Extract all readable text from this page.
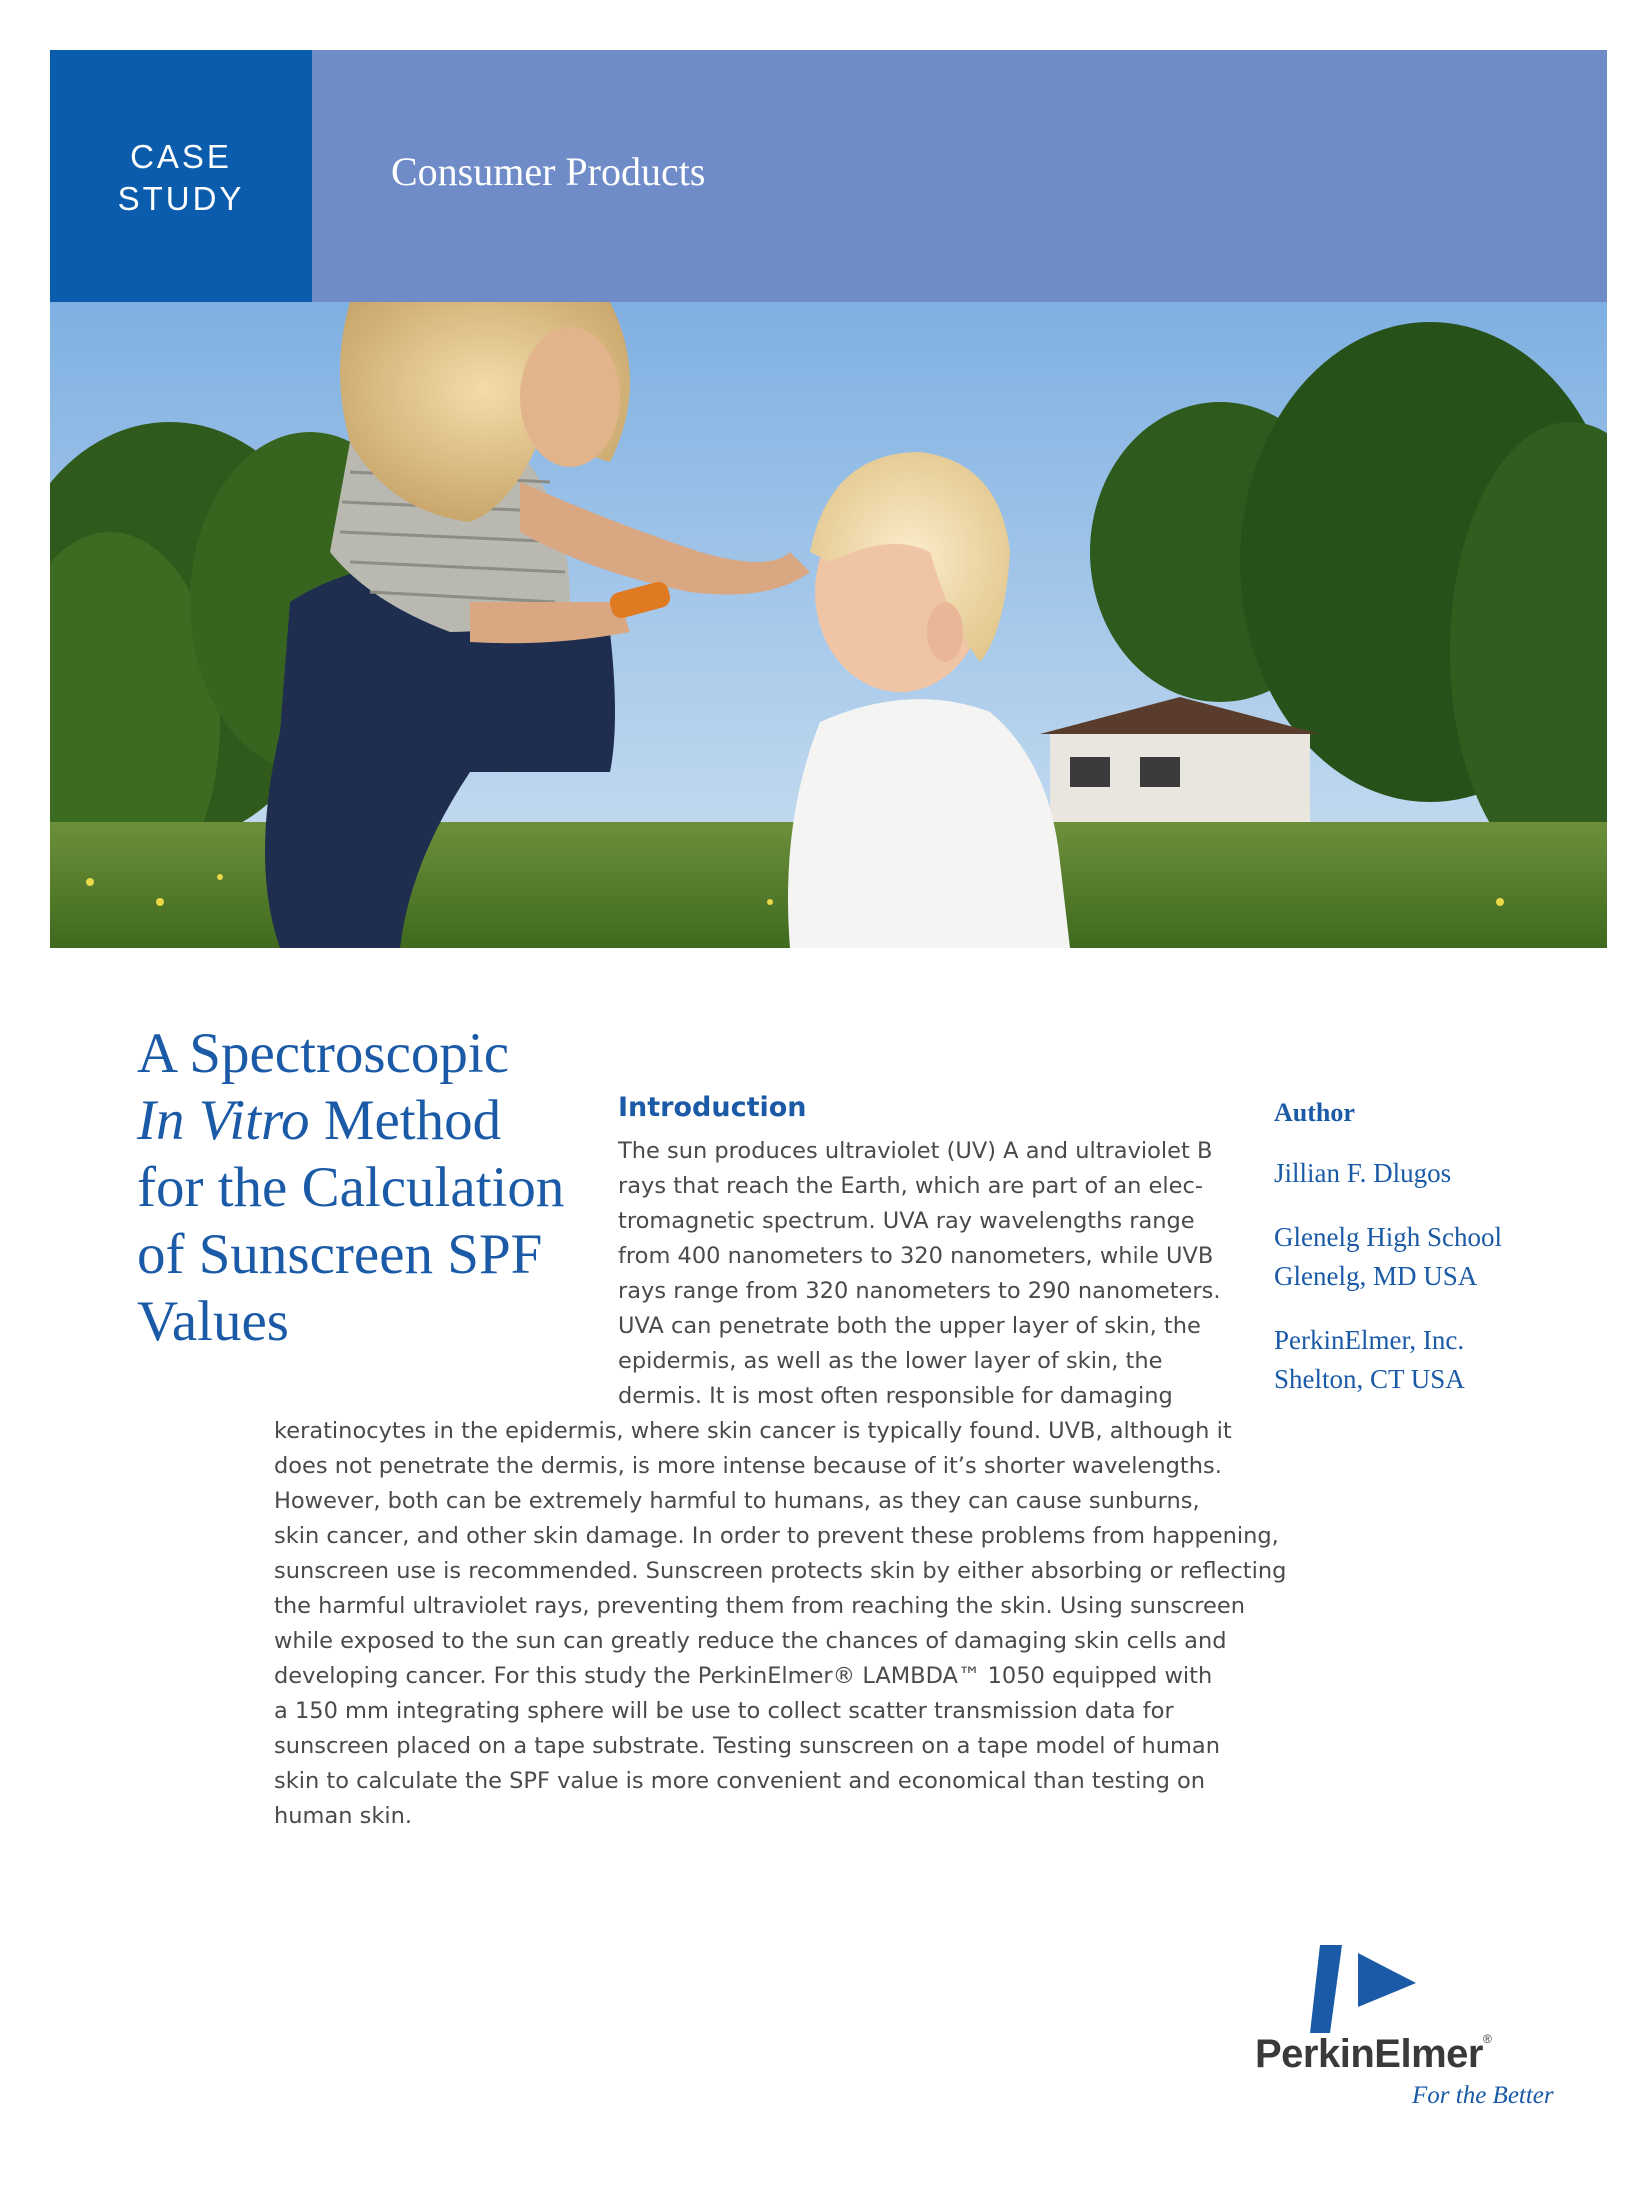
CASE
STUDY
Consumer Products
A Spectroscopic
In Vitro Method
for the Calculation
of Sunscreen SPF
Values
Introduction
The sun produces ultraviolet (UV) A and ultraviolet B
rays that reach the Earth, which are part of an elec-
tromagnetic spectrum. UVA ray wavelengths range
from 400 nanometers to 320 nanometers, while UVB
rays range from 320 nanometers to 290 nanometers.
UVA can penetrate both the upper layer of skin, the
epidermis, as well as the lower layer of skin, the
dermis. It is most often responsible for damaging
keratinocytes in the epidermis, where skin cancer is typically found. UVB, although it
does not penetrate the dermis, is more intense because of it’s shorter wavelengths.
However, both can be extremely harmful to humans, as they can cause sunburns,
skin cancer, and other skin damage. In order to prevent these problems from happening,
sunscreen use is recommended. Sunscreen protects skin by either absorbing or reflecting
the harmful ultraviolet rays, preventing them from reaching the skin. Using sunscreen
while exposed to the sun can greatly reduce the chances of damaging skin cells and
developing cancer. For this study the PerkinElmer® LAMBDA™ 1050 equipped with
a 150 mm integrating sphere will be use to collect scatter transmission data for
sunscreen placed on a tape substrate. Testing sunscreen on a tape model of human
skin to calculate the SPF value is more convenient and economical than testing on
human skin.
Author
Jillian F. Dlugos
Glenelg High School
Glenelg, MD USA
PerkinElmer, Inc.
Shelton, CT USA
PerkinElmer®
For the Better
